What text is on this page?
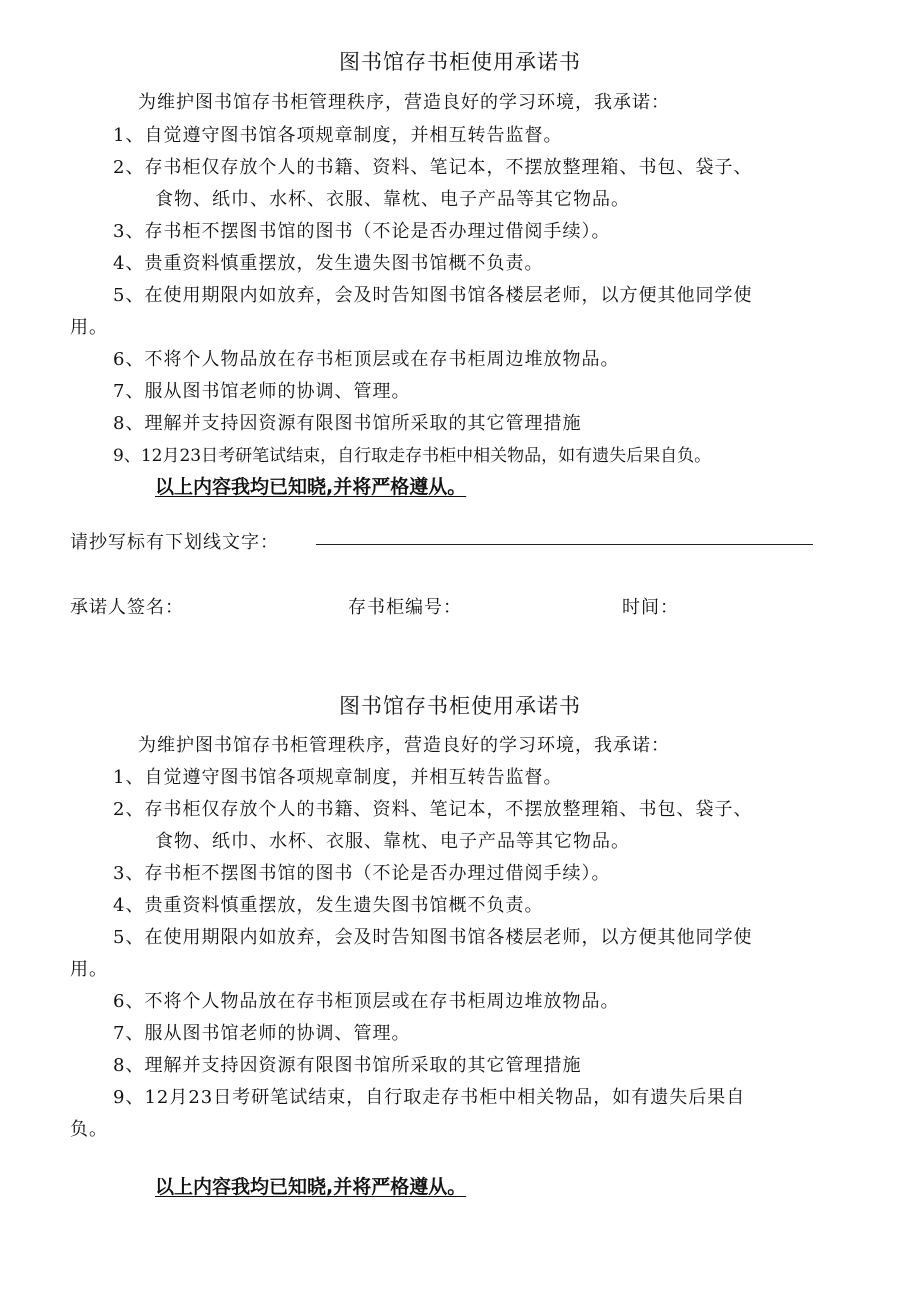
图书馆存书柜使用承诺书
为维护图书馆存书柜管理秩序，营造良好的学习环境，我承诺：
1、自觉遵守图书馆各项规章制度，并相互转告监督。
2、存书柜仅存放个人的书籍、资料、笔记本，不摆放整理箱、书包、袋子、
食物、纸巾、水杯、衣服、靠枕、电子产品等其它物品。
3、存书柜不摆图书馆的图书（不论是否办理过借阅手续）。
4、贵重资料慎重摆放，发生遗失图书馆概不负责。
5、在使用期限内如放弃，会及时告知图书馆各楼层老师，以方便其他同学使
用。
6、不将个人物品放在存书柜顶层或在存书柜周边堆放物品。
7、服从图书馆老师的协调、管理。
8、理解并支持因资源有限图书馆所采取的其它管理措施
9、12月23日考研笔试结束，自行取走存书柜中相关物品，如有遗失后果自负。
以上内容我均已知晓,并将严格遵从。
请抄写标有下划线文字：
承诺人签名：	存书柜编号：	时间：
图书馆存书柜使用承诺书
为维护图书馆存书柜管理秩序，营造良好的学习环境，我承诺：
1、自觉遵守图书馆各项规章制度，并相互转告监督。
2、存书柜仅存放个人的书籍、资料、笔记本，不摆放整理箱、书包、袋子、
食物、纸巾、水杯、衣服、靠枕、电子产品等其它物品。
3、存书柜不摆图书馆的图书（不论是否办理过借阅手续）。
4、贵重资料慎重摆放，发生遗失图书馆概不负责。
5、在使用期限内如放弃，会及时告知图书馆各楼层老师，以方便其他同学使
用。
6、不将个人物品放在存书柜顶层或在存书柜周边堆放物品。
7、服从图书馆老师的协调、管理。
8、理解并支持因资源有限图书馆所采取的其它管理措施
9、12月23日考研笔试结束，自行取走存书柜中相关物品，如有遗失后果自
负。
以上内容我均已知晓,并将严格遵从。
